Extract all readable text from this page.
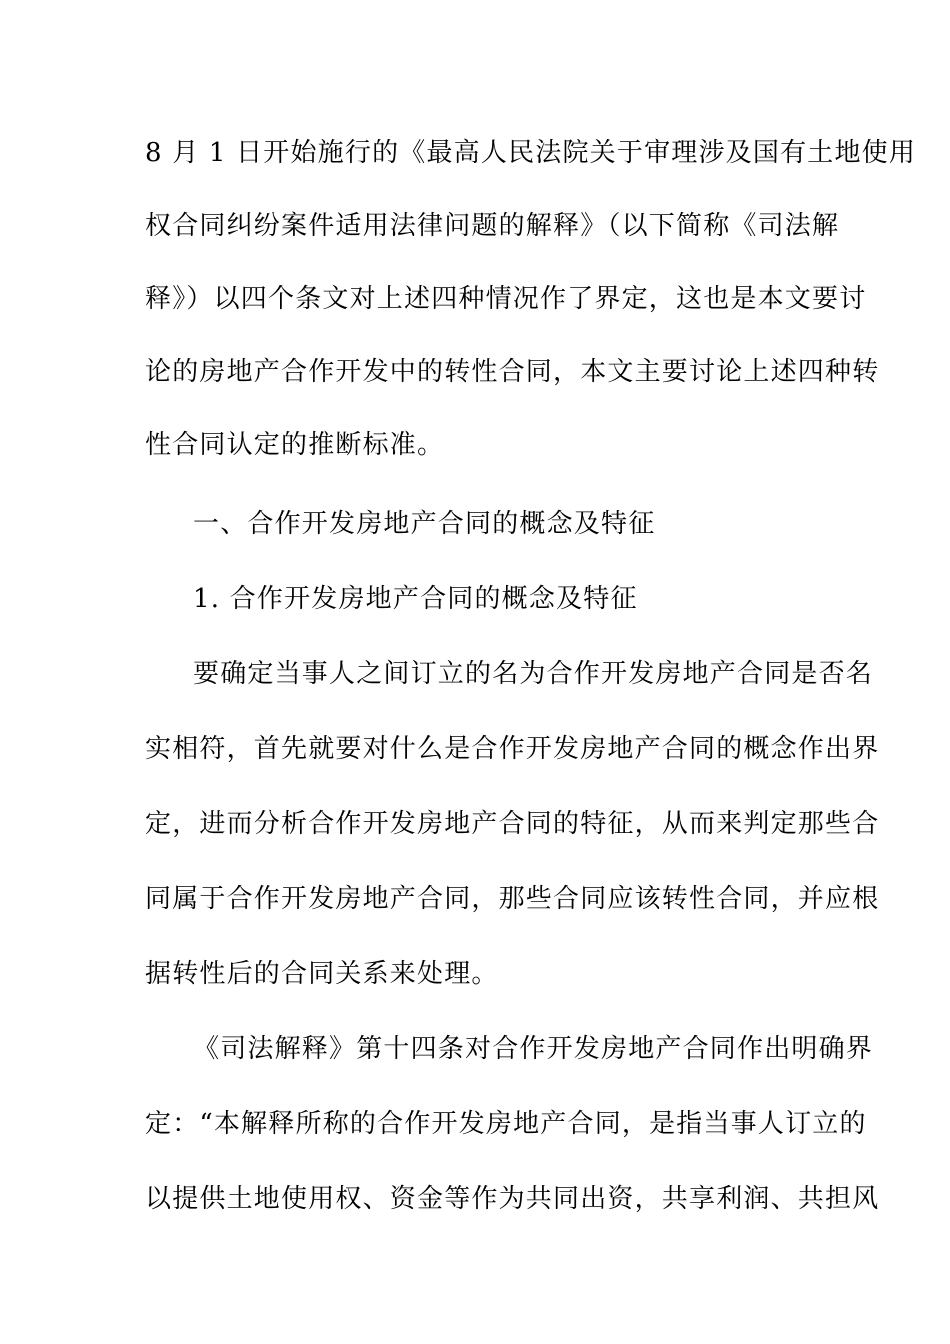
8 月 1 日开始施行的《最高人民法院关于审理涉及国有土地使用
权合同纠纷案件适用法律问题的解释》（以下简称《司法解
释》）以四个条文对上述四种情况作了界定，这也是本文要讨
论的房地产合作开发中的转性合同，本文主要讨论上述四种转
性合同认定的推断标准。
一、合作开发房地产合同的概念及特征
1. 合作开发房地产合同的概念及特征
要确定当事人之间订立的名为合作开发房地产合同是否名
实相符，首先就要对什么是合作开发房地产合同的概念作出界
定，进而分析合作开发房地产合同的特征，从而来判定那些合
同属于合作开发房地产合同，那些合同应该转性合同，并应根
据转性后的合同关系来处理。
《司法解释》第十四条对合作开发房地产合同作出明确界
定：“本解释所称的合作开发房地产合同，是指当事人订立的
以提供土地使用权、资金等作为共同出资，共享利润、共担风
